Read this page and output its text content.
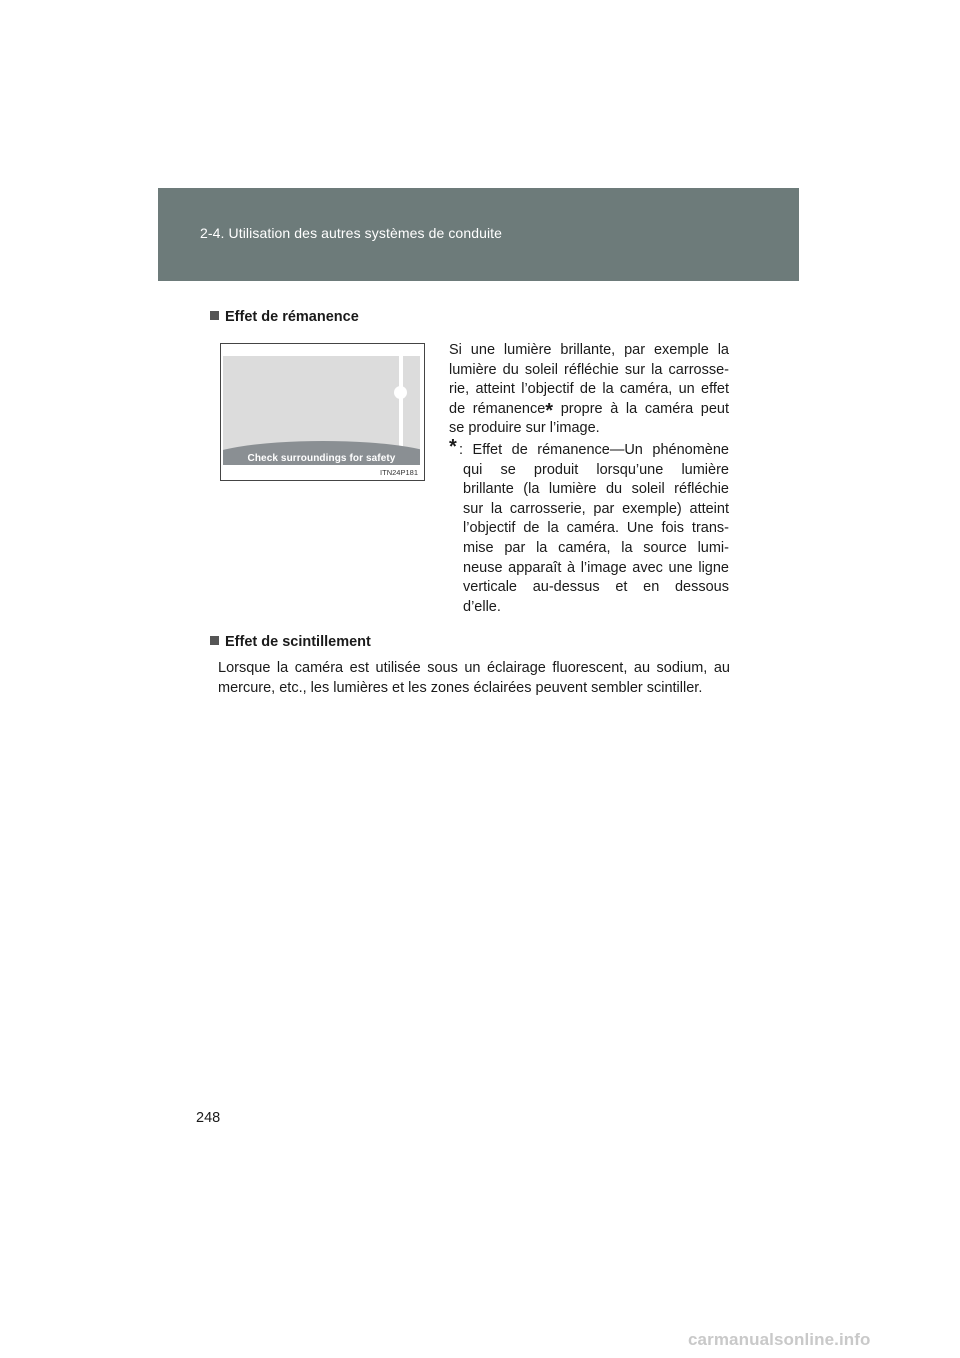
2-4. Utilisation des autres systèmes de conduite
Effet de rémanence
Check surroundings for safety
ITN24P181
Si une lumière brillante, par exemple la
lumière du soleil réfléchie sur la carrosse-
rie, atteint l’objectif de la caméra, un effet
de rémanence* propre à la caméra peut
se produire sur l’image.
* : Effet de rémanence—Un phénomène
qui se produit lorsqu’une lumière
brillante (la lumière du soleil réfléchie
sur la carrosserie, par exemple) atteint
l’objectif de la caméra. Une fois trans-
mise par la caméra, la source lumi-
neuse apparaît à l’image avec une ligne
verticale au-dessus et en dessous
d’elle.
Effet de scintillement
Lorsque la caméra est utilisée sous un éclairage fluorescent, au sodium, au
mercure, etc., les lumières et les zones éclairées peuvent sembler scintiller.
248
carmanualsonline.info
